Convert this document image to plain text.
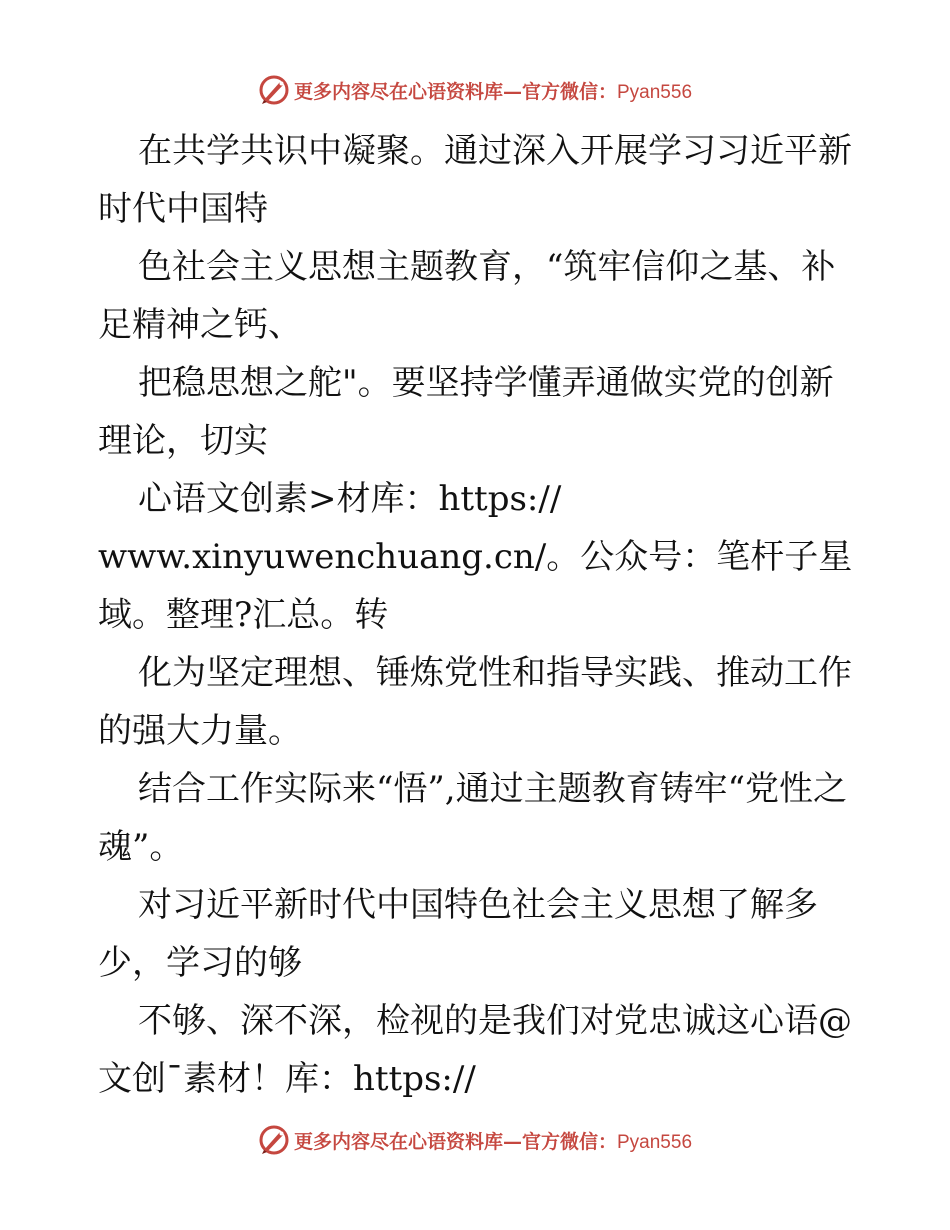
更多内容尽在心语资料库—官方微信：Pyan556

在共学共识中凝聚。通过深入开展学习习近平新时代中国特

色社会主义思想主题教育，“筑牢信仰之基、补足精神之钙、

把稳思想之舵"。要坚持学懂弄通做实党的创新理论，切实

心语文创素>材库：https://

www.xinyuwenchuang.cn/。公众号：笔杆子星域。整理?汇总。转

化为坚定理想、锤炼党性和指导实践、推动工作的强大力量。

结合工作实际来“悟”,通过主题教育铸牢“党性之魂”。

对习近平新时代中国特色社会主义思想了解多少，学习的够

不够、深不深，检视的是我们对党忠诚这心语@文创¯素材！库：https://

更多内容尽在心语资料库—官方微信：Pyan556
